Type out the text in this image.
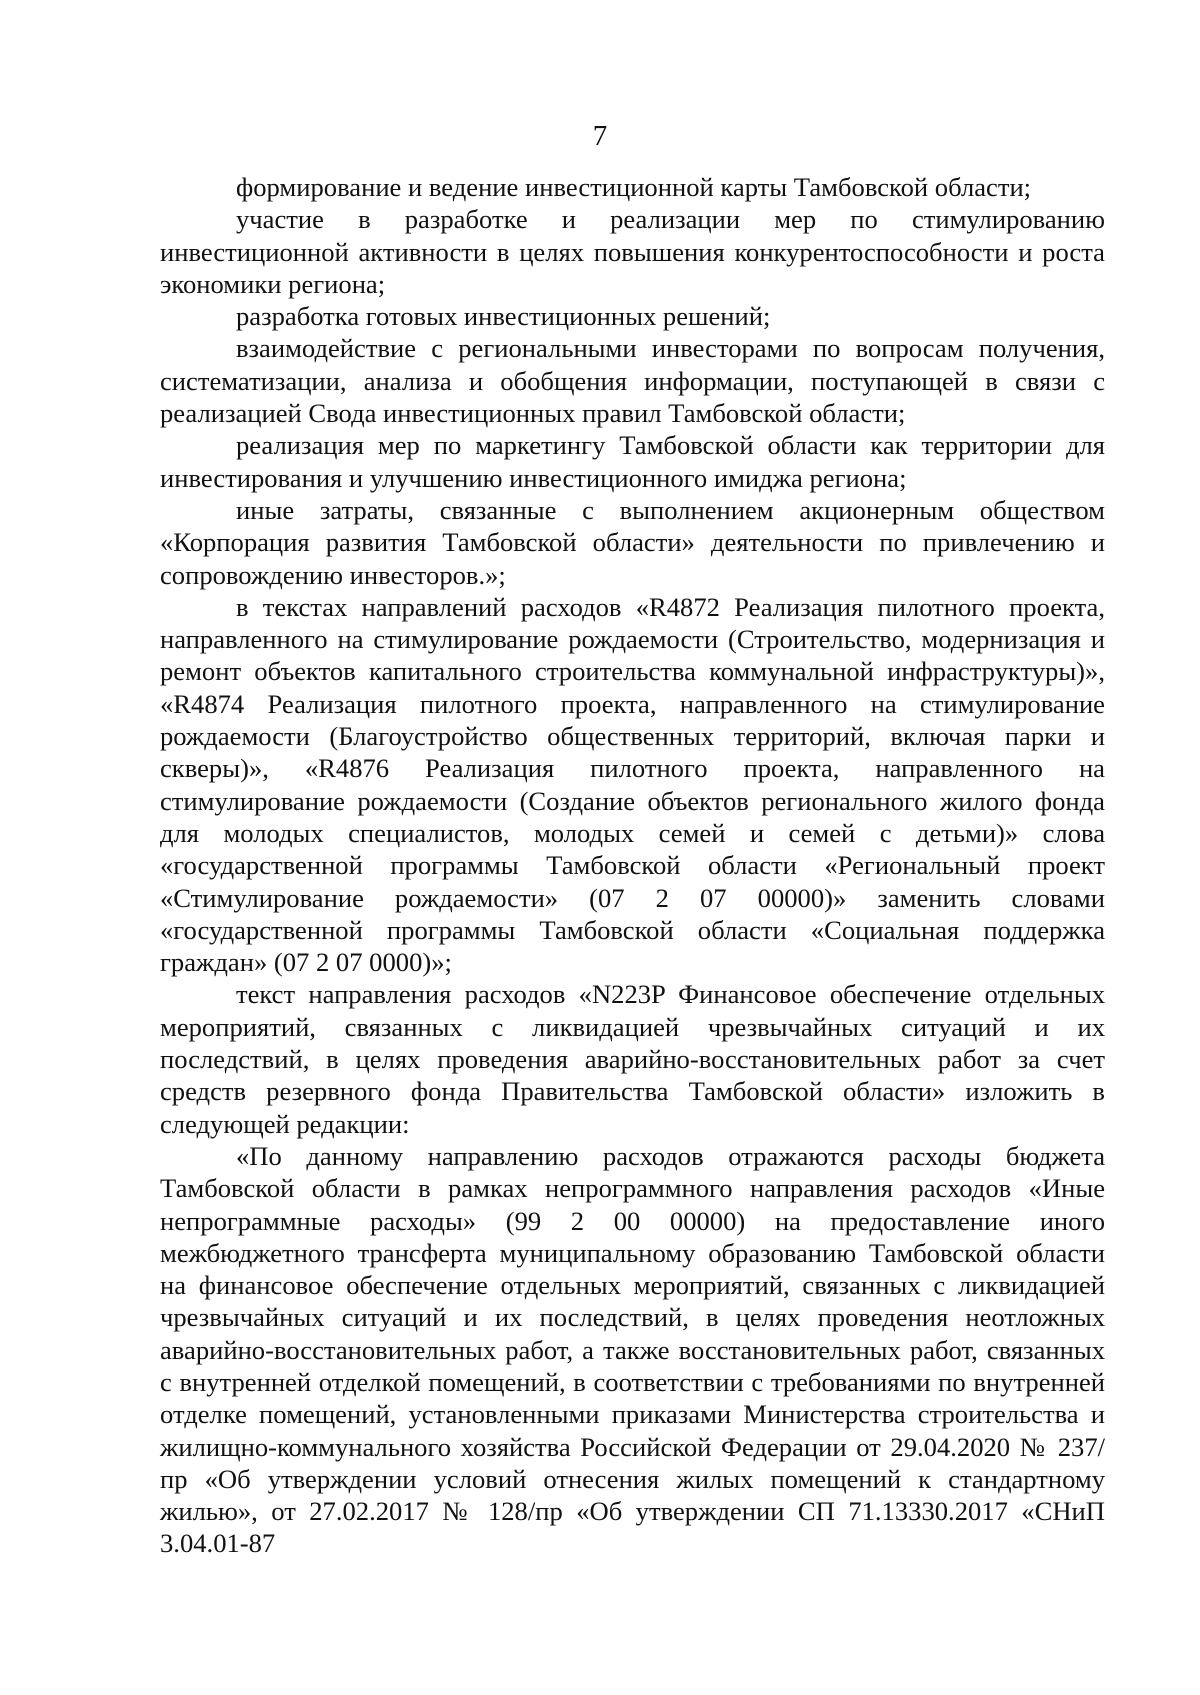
7

формирование и ведение инвестиционной карты Тамбовской области;

участие в разработке и реализации мер по стимулированию инвестиционной активности в целях повышения конкурентоспособности и роста экономики региона;

разработка готовых инвестиционных решений;

взаимодействие с региональными инвесторами по вопросам получения, систематизации, анализа и обобщения информации, поступающей в связи с реализацией Свода инвестиционных правил Тамбовской области;

реализация мер по маркетингу Тамбовской области как территории для инвестирования и улучшению инвестиционного имиджа региона;

иные затраты, связанные с выполнением акционерным обществом «Корпорация развития Тамбовской области» деятельности по привлечению и сопровождению инвесторов.»;

в текстах направлений расходов «R4872 Реализация пилотного проекта, направленного на стимулирование рождаемости (Строительство, модернизация и ремонт объектов капитального строительства коммунальной инфраструктуры)», «R4874 Реализация пилотного проекта, направленного на стимулирование рождаемости (Благоустройство общественных территорий, включая парки и скверы)», «R4876 Реализация пилотного проекта, направленного на стимулирование рождаемости (Создание объектов регионального жилого фонда для молодых специалистов, молодых семей и семей с детьми)» слова «государственной программы Тамбовской области «Региональный проект «Стимулирование рождаемости» (07 2 07 00000)» заменить словами «государственной программы Тамбовской области «Социальная поддержка граждан» (07 2 07 0000)»;

текст направления расходов «N223P Финансовое обеспечение отдельных мероприятий, связанных с ликвидацией чрезвычайных ситуаций и их последствий, в целях проведения аварийно-восстановительных работ за счет средств резервного фонда Правительства Тамбовской области» изложить в следующей редакции:

«По данному направлению расходов отражаются расходы бюджета Тамбовской области в рамках непрограммного направления расходов «Иные непрограммные расходы» (99 2 00 00000) на предоставление иного межбюджетного трансферта муниципальному образованию Тамбовской области на финансовое обеспечение отдельных мероприятий, связанных с ликвидацией чрезвычайных ситуаций и их последствий, в целях проведения неотложных аварийно-восстановительных работ, а также восстановительных работ, связанных с внутренней отделкой помещений, в соответствии с требованиями по внутренней отделке помещений, установленными приказами Министерства строительства и жилищно-коммунального хозяйства Российской Федерации от 29.04.2020 № 237/пр «Об утверждении условий отнесения жилых помещений к стандартному жилью», от 27.02.2017 № 128/пр «Об утверждении СП 71.13330.2017 «СНиП 3.04.01-87
